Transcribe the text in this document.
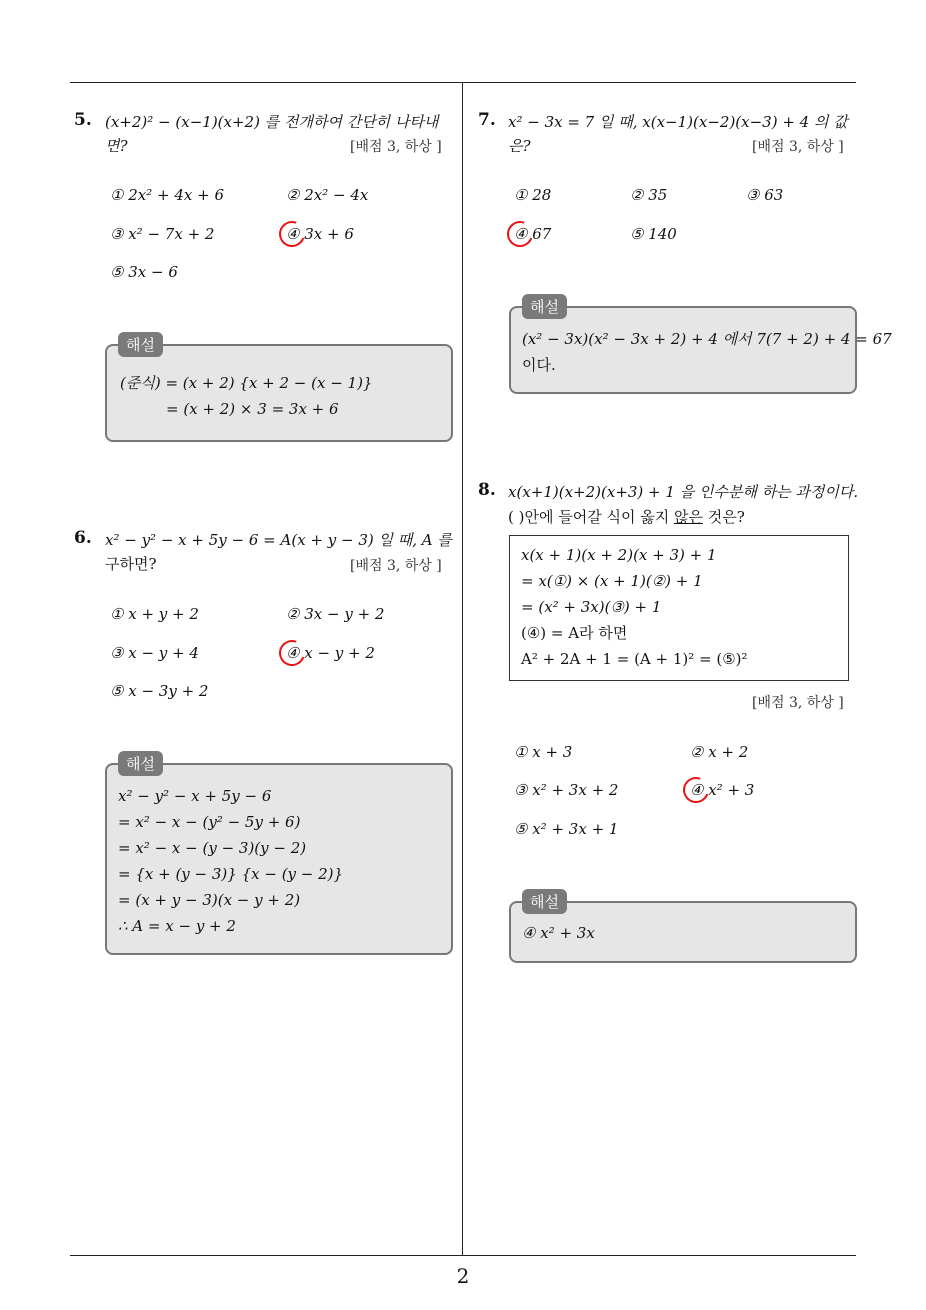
2
5. (x+2)² − (x−1)(x+2) 를 전개하여 간단히 나타내면?	[배점 3, 하상 ]
① 2x² + 4x + 6	② 2x² − 4x
③ x² − 7x + 2	④ 3x + 6
⑤ 3x − 6
해설
(준식) = (x + 2) {x + 2 − (x − 1)}
= (x + 2) × 3 = 3x + 6
6. x² − y² − x + 5y − 6 = A(x + y − 3) 일 때, A 를
구하면?	[배점 3, 하상 ]
① x + y + 2	② 3x − y + 2
③ x − y + 4	④ x − y + 2
⑤ x − 3y + 2
해설
x² − y² − x + 5y − 6
= x² − x − (y² − 5y + 6)
= x² − x − (y − 3)(y − 2)
= {x + (y − 3)} {x − (y − 2)}
= (x + y − 3)(x − y + 2)
∴ A = x − y + 2
7. x² − 3x = 7 일 때, x(x−1)(x−2)(x−3) + 4 의 값은?	[배점 3, 하상 ]
① 28	② 35	③ 63
④ 67	⑤ 140
해설
(x² − 3x)(x² − 3x + 2) + 4 에서 7(7 + 2) + 4 = 67
이다.
8. x(x+1)(x+2)(x+3) + 1 을 인수분해 하는 과정이다.
( )안에 들어갈 식이 옳지 않은 것은?
x(x + 1)(x + 2)(x + 3) + 1
= x(①) × (x + 1)(②) + 1
= (x² + 3x)(③) + 1
(④) = A라 하면
A² + 2A + 1 = (A + 1)² = (⑤)²
[배점 3, 하상 ]
① x + 3	② x + 2
③ x² + 3x + 2	④ x² + 3
⑤ x² + 3x + 1
해설
④ x² + 3x
